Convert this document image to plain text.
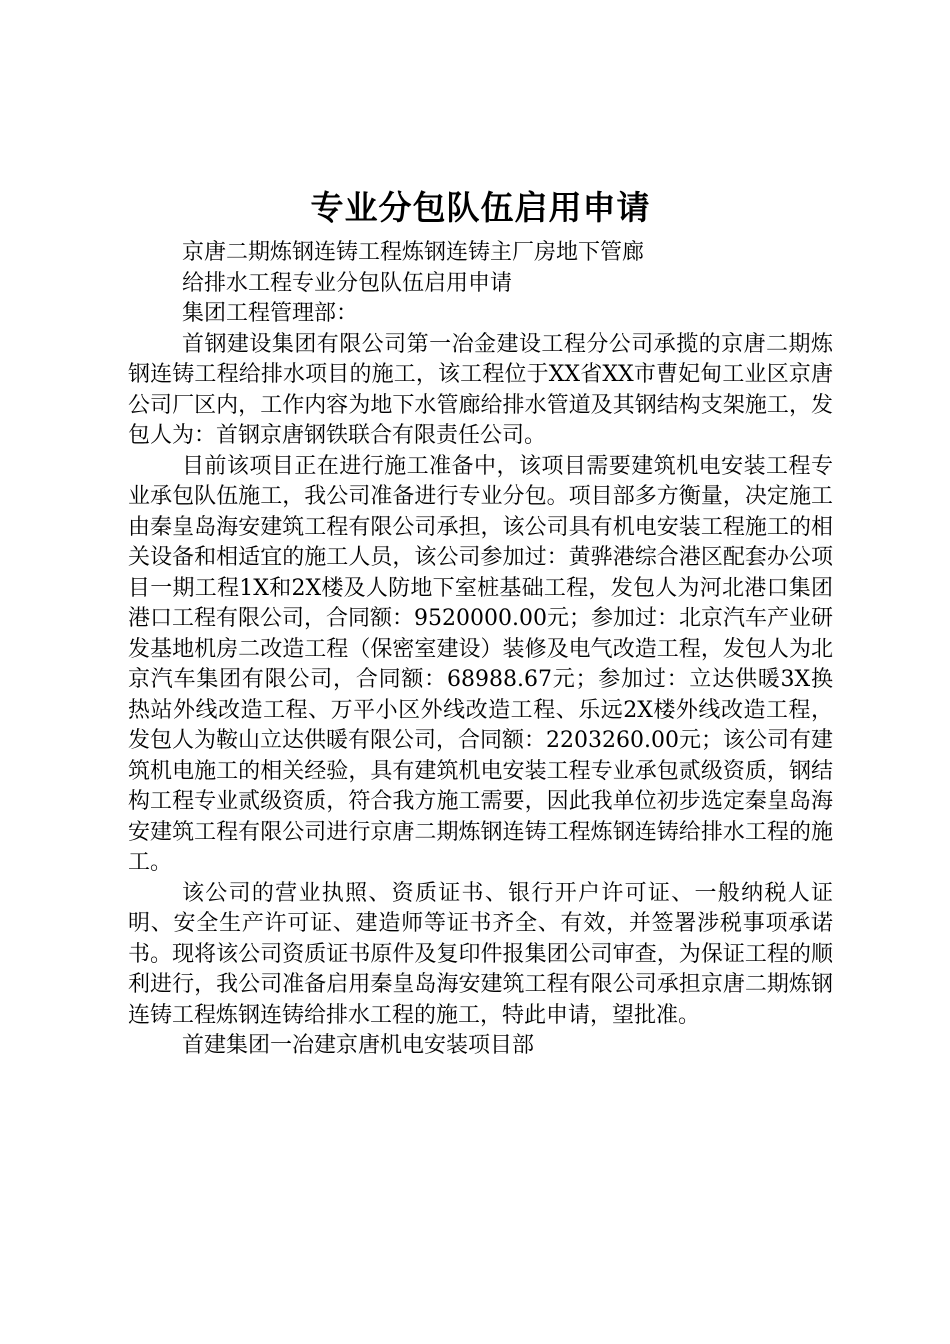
专业分包队伍启用申请

京唐二期炼钢连铸工程炼钢连铸主厂房地下管廊

给排水工程专业分包队伍启用申请

集团工程管理部：

首钢建设集团有限公司第一冶金建设工程分公司承揽的京唐二期炼钢连铸工程给排水项目的施工，该工程位于XX省XX市曹妃甸工业区京唐公司厂区内，工作内容为地下水管廊给排水管道及其钢结构支架施工，发包人为：首钢京唐钢铁联合有限责任公司。

目前该项目正在进行施工准备中，该项目需要建筑机电安装工程专业承包队伍施工，我公司准备进行专业分包。项目部多方衡量，决定施工由秦皇岛海安建筑工程有限公司承担，该公司具有机电安装工程施工的相关设备和相适宜的施工人员，该公司参加过：黄骅港综合港区配套办公项目一期工程1X和2X楼及人防地下室桩基础工程，发包人为河北港口集团港口工程有限公司，合同额：9520000.00元；参加过：北京汽车产业研发基地机房二改造工程（保密室建设）装修及电气改造工程，发包人为北京汽车集团有限公司，合同额：68988.67元；参加过：立达供暖3X换热站外线改造工程、万平小区外线改造工程、乐远2X楼外线改造工程，发包人为鞍山立达供暖有限公司，合同额：2203260.00元；该公司有建筑机电施工的相关经验，具有建筑机电安装工程专业承包贰级资质，钢结构工程专业贰级资质，符合我方施工需要，因此我单位初步选定秦皇岛海安建筑工程有限公司进行京唐二期炼钢连铸工程炼钢连铸给排水工程的施工。

该公司的营业执照、资质证书、银行开户许可证、一般纳税人证明、安全生产许可证、建造师等证书齐全、有效，并签署涉税事项承诺书。现将该公司资质证书原件及复印件报集团公司审查，为保证工程的顺利进行，我公司准备启用秦皇岛海安建筑工程有限公司承担京唐二期炼钢连铸工程炼钢连铸给排水工程的施工，特此申请，望批准。

首建集团一冶建京唐机电安装项目部
